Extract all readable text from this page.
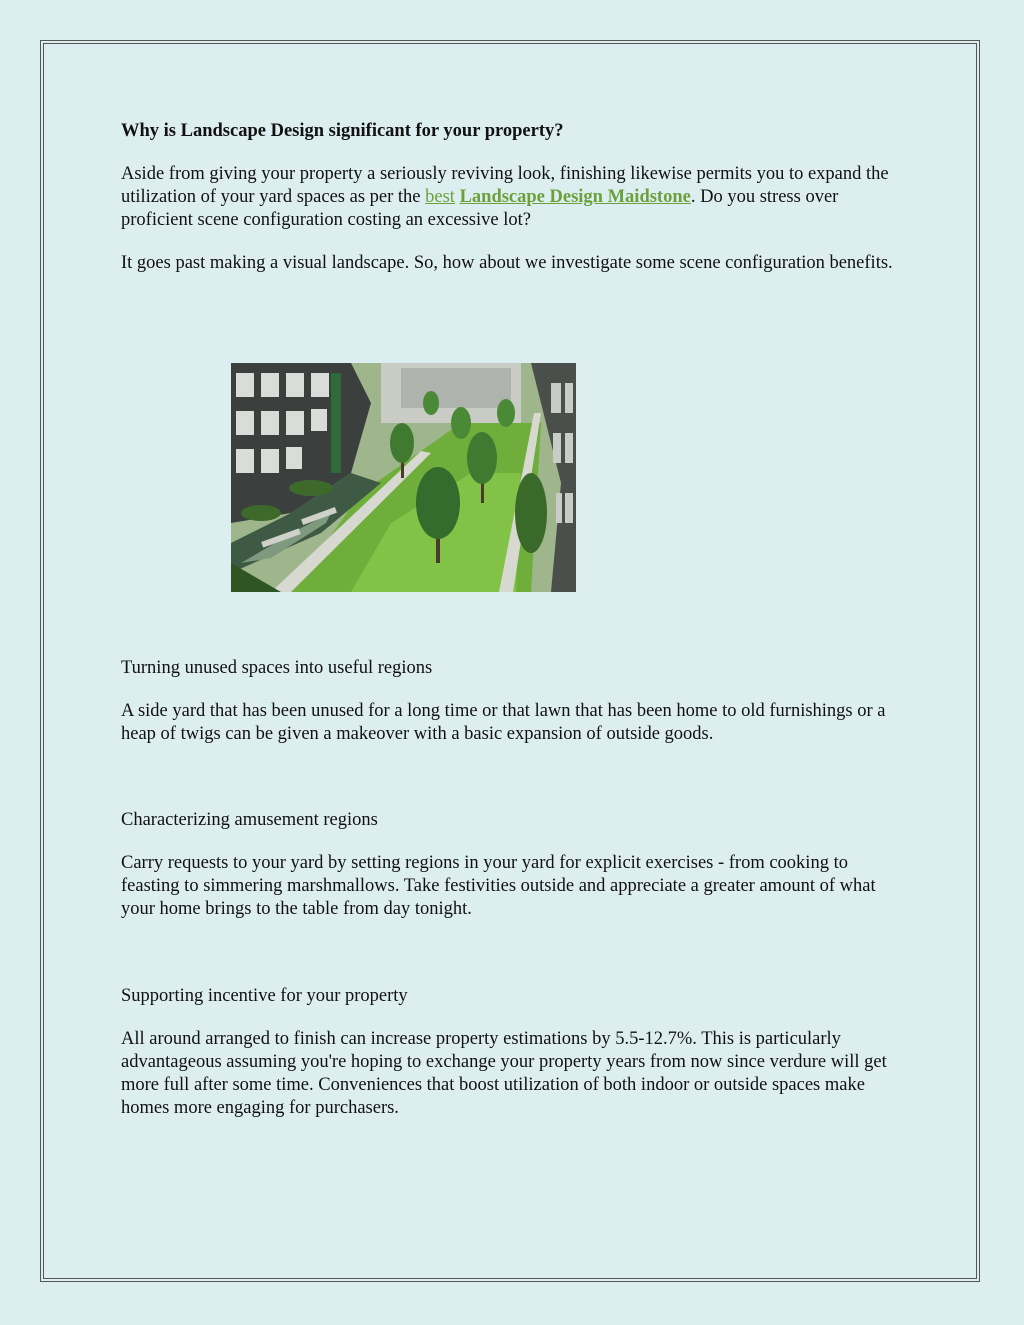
Why is Landscape Design significant for your property?

Aside from giving your property a seriously reviving look, finishing likewise permits you to expand the utilization of your yard spaces as per the best Landscape Design Maidstone. Do you stress over proficient scene configuration costing an excessive lot?

It goes past making a visual landscape. So, how about we investigate some scene configuration benefits.

Turning unused spaces into useful regions

A side yard that has been unused for a long time or that lawn that has been home to old furnishings or a heap of twigs can be given a makeover with a basic expansion of outside goods.

Characterizing amusement regions

Carry requests to your yard by setting regions in your yard for explicit exercises - from cooking to feasting to simmering marshmallows. Take festivities outside and appreciate a greater amount of what your home brings to the table from day tonight.

Supporting incentive for your property

All around arranged to finish can increase property estimations by 5.5-12.7%. This is particularly advantageous assuming you're hoping to exchange your property years from now since verdure will get more full after some time. Conveniences that boost utilization of both indoor or outside spaces make homes more engaging for purchasers.
